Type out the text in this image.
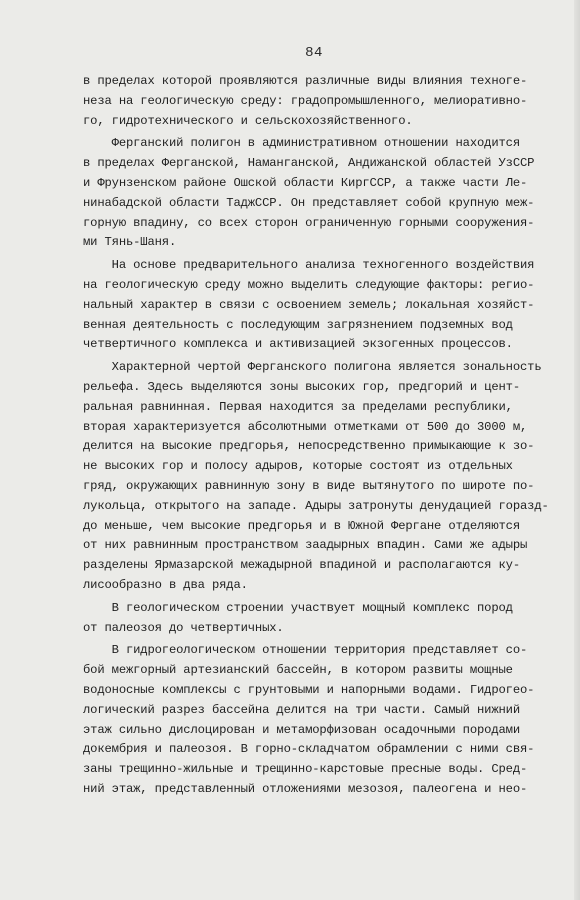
84
в пределах которой проявляются различные виды влияния техноге-
неза на геологическую среду: градопромышленного, мелиоративно-
го, гидротехнического и сельскохозяйственного.
Ферганский полигон в административном отношении находится
в пределах Ферганской, Наманганской, Андижанской областей УзССР
и Фрунзенском районе Ошской области КиргССР, а также части Ле-
нинабадской области ТаджССР. Он представляет собой крупную меж-
горную впадину, со всех сторон ограниченную горными сооружения-
ми Тянь-Шаня.
На основе предварительного анализа техногенного воздействия
на геологическую среду можно выделить следующие факторы: регио-
нальный характер в связи с освоением земель; локальная хозяйст-
венная деятельность с последующим загрязнением подземных вод
четвертичного комплекса и активизацией экзогенных процессов.
Характерной чертой Ферганского полигона является зональность
рельефа. Здесь выделяются зоны высоких гор, предгорий и цент-
ральная равнинная. Первая находится за пределами республики,
вторая характеризуется абсолютными отметками от 500 до 3000 м,
делится на высокие предгорья, непосредственно примыкающие к зо-
не высоких гор и полосу адыров, которые состоят из отдельных
гряд, окружающих равнинную зону в виде вытянутого по широте по-
лукольца, открытого на западе. Адыры затронуты денудацией горазд-
до меньше, чем высокие предгорья и в Южной Фергане отделяются
от них равнинным пространством заадырных впадин. Сами же адыры
разделены Ярмазарской межадырной впадиной и располагаются ку-
лисообразно в два ряда.
В геологическом строении участвует мощный комплекс пород
от палеозоя до четвертичных.
В гидрогеологическом отношении территория представляет со-
бой межгорный артезианский бассейн, в котором развиты мощные
водоносные комплексы с грунтовыми и напорными водами. Гидрогео-
логический разрез бассейна делится на три части. Самый нижний
этаж сильно дислоцирован и метаморфизован осадочными породами
докембрия и палеозоя. В горно-складчатом обрамлении с ними свя-
заны трещинно-жильные и трещинно-карстовые пресные воды. Сред-
ний этаж, представленный отложениями мезозоя, палеогена и нео-
